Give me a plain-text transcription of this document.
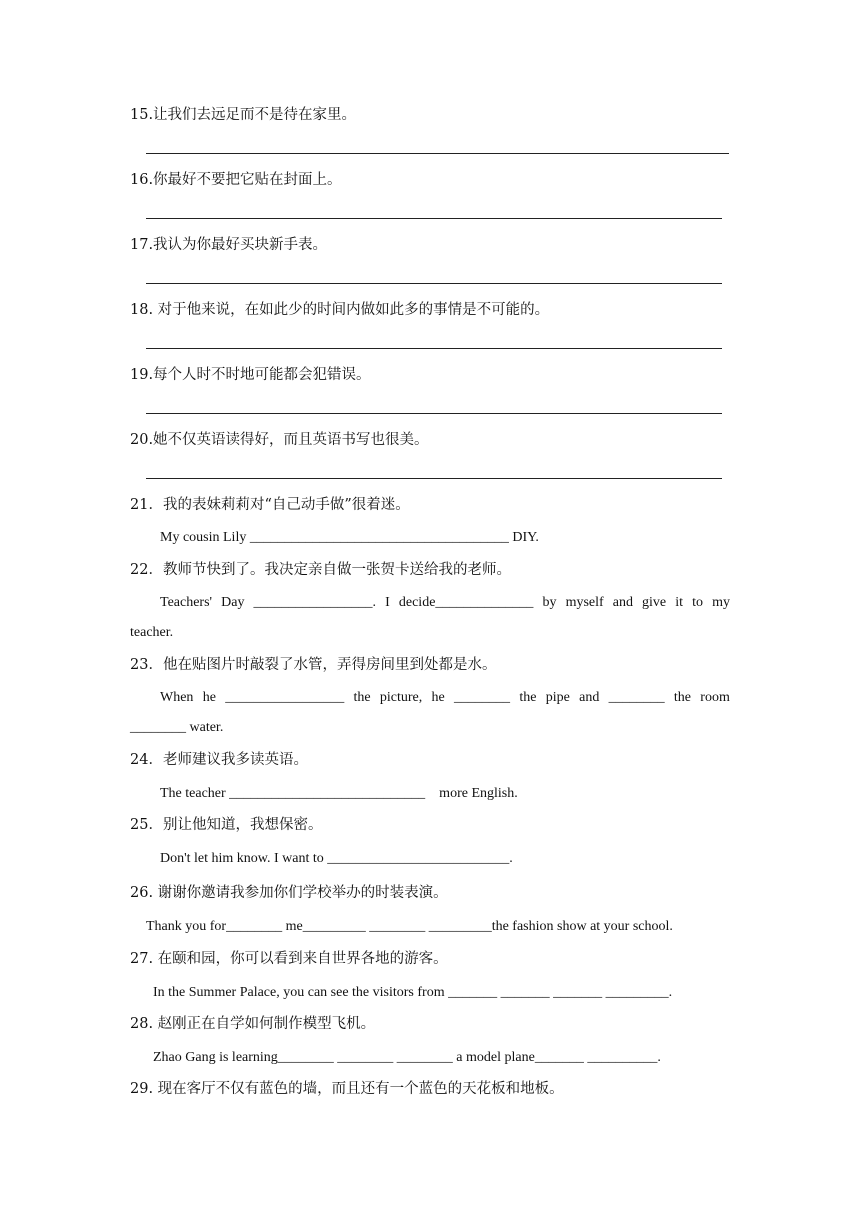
15.让我们去远足而不是待在家里。
16.你最好不要把它贴在封面上。
17.我认为你最好买块新手表。
18. 对于他来说，在如此少的时间内做如此多的事情是不可能的。
19.每个人时不时地可能都会犯错误。
20.她不仅英语读得好，而且英语书写也很美。
21．我的表妹莉莉对“自己动手做”很着迷。
My cousin Lily _____________________________________ DIY.
22．教师节快到了。我决定亲自做一张贺卡送给我的老师。
Teachers' Day _________________. I decide______________ by myself and give it to my
teacher.
23．他在贴图片时敲裂了水管，弄得房间里到处都是水。
When he _________________ the picture, he ________ the pipe and ________ the room
________ water.
24．老师建议我多读英语。
The teacher ____________________________    more English.
25．别让他知道，我想保密。
Don't let him know. I want to __________________________.
26. 谢谢你邀请我参加你们学校举办的时装表演。
Thank you for________ me_________ ________ _________the fashion show at your school.
27. 在颐和园，你可以看到来自世界各地的游客。
In the Summer Palace, you can see the visitors from _______ _______ _______ _________.
28. 赵刚正在自学如何制作模型飞机。
Zhao Gang is learning________ ________ ________ a model plane_______ __________.
29. 现在客厅不仅有蓝色的墙，而且还有一个蓝色的天花板和地板。
